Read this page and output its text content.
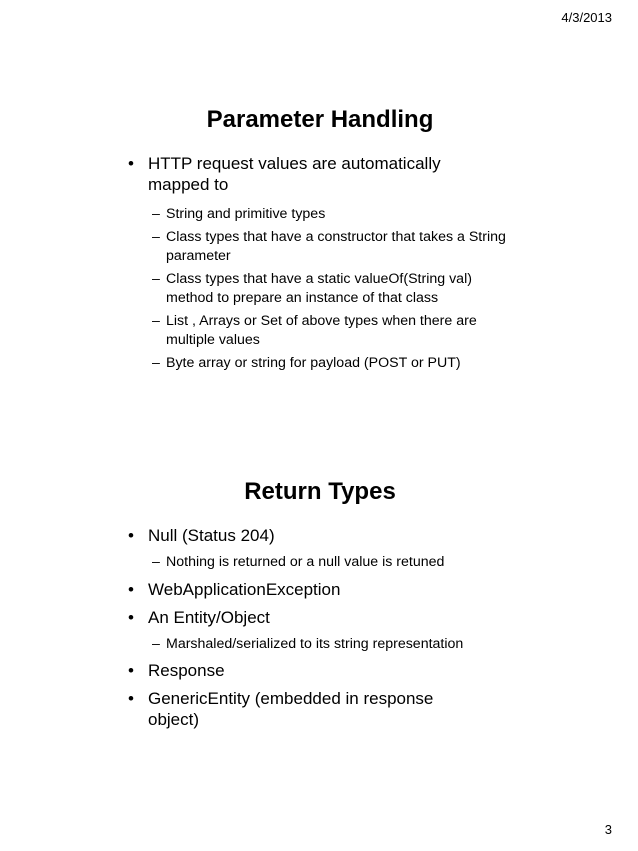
4/3/2013
Parameter Handling
• HTTP request values are automatically mapped to
– String and primitive types
– Class types that have a constructor that takes a String parameter
– Class types that have a static valueOf(String val) method to prepare an instance of that class
– List , Arrays or Set of above types when there are multiple values
– Byte array or string for payload (POST or PUT)
Return Types
• Null (Status 204)
– Nothing is returned or a null value is retuned
• WebApplicationException
• An Entity/Object
– Marshaled/serialized to its string representation
• Response
• GenericEntity (embedded in response object)
3
